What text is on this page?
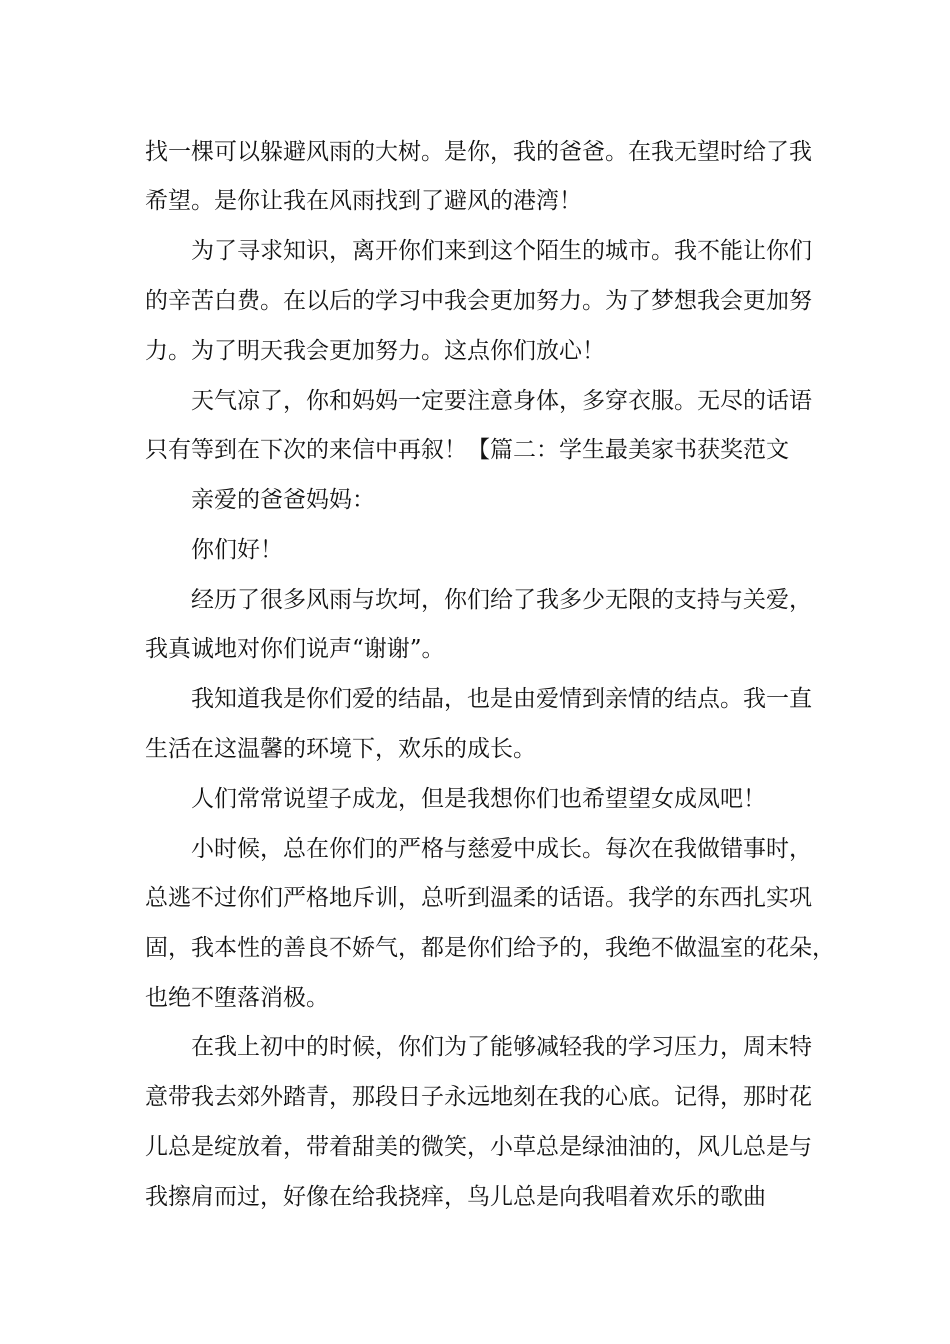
找一棵可以躲避风雨的大树。是你，我的爸爸。在我无望时给了我
希望。是你让我在风雨找到了避风的港湾！
为了寻求知识，离开你们来到这个陌生的城市。我不能让你们
的辛苦白费。在以后的学习中我会更加努力。为了梦想我会更加努
力。为了明天我会更加努力。这点你们放心！
天气凉了，你和妈妈一定要注意身体，多穿衣服。无尽的话语
只有等到在下次的来信中再叙！【篇二：学生最美家书获奖范文
亲爱的爸爸妈妈：
你们好！
经历了很多风雨与坎坷，你们给了我多少无限的支持与关爱，
我真诚地对你们说声“谢谢”。
我知道我是你们爱的结晶，也是由爱情到亲情的结点。我一直
生活在这温馨的环境下，欢乐的成长。
人们常常说望子成龙，但是我想你们也希望望女成凤吧！
小时候，总在你们的严格与慈爱中成长。每次在我做错事时，
总逃不过你们严格地斥训，总听到温柔的话语。我学的东西扎实巩
固，我本性的善良不娇气，都是你们给予的，我绝不做温室的花朵，
也绝不堕落消极。
在我上初中的时候，你们为了能够减轻我的学习压力，周末特
意带我去郊外踏青，那段日子永远地刻在我的心底。记得，那时花
儿总是绽放着，带着甜美的微笑，小草总是绿油油的，风儿总是与
我擦肩而过，好像在给我挠痒，鸟儿总是向我唱着欢乐的歌曲
